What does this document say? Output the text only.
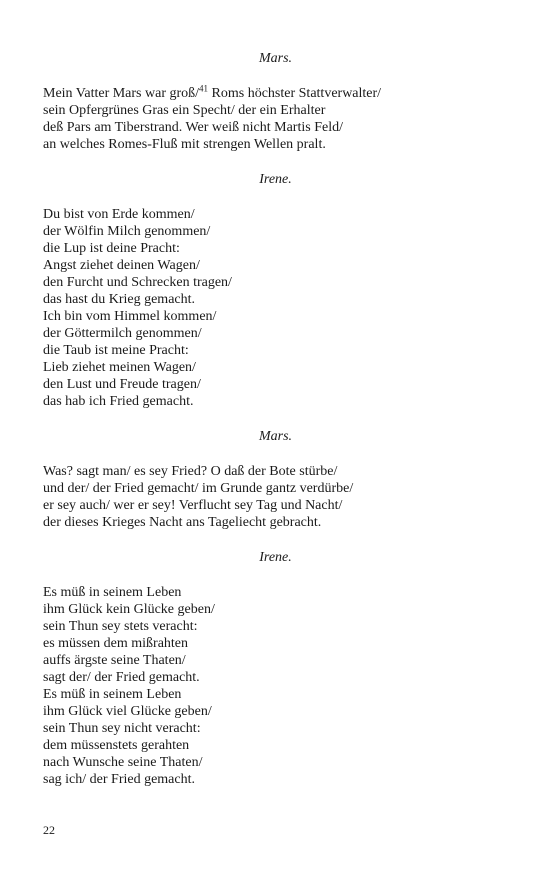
Mars.

Mein Vatter Mars war groß/$^{41}$ Roms höchster Stattverwalter/
sein Opfergrünes Gras ein Specht/ der ein Erhalter
deß Pars am Tiberstrand. Wer weiß nicht Martis Feld/
an welches Romes-Fluß mit strengen Wellen pralt.

Irene.

Du bist von Erde kommen/
der Wölfin Milch genommen/
die Lup ist deine Pracht:
Angst ziehet deinen Wagen/
den Furcht und Schrecken tragen/
das hast du Krieg gemacht.
Ich bin vom Himmel kommen/
der Göttermilch genommen/
die Taub ist meine Pracht:
Lieb ziehet meinen Wagen/
den Lust und Freude tragen/
das hab ich Fried gemacht.

Mars.

Was? sagt man/ es sey Fried? O daß der Bote stürbe/
und der/ der Fried gemacht/ im Grunde gantz verdürbe/
er sey auch/ wer er sey! Verflucht sey Tag und Nacht/
der dieses Krieges Nacht ans Tageliecht gebracht.

Irene.

Es müß in seinem Leben
ihm Glück kein Glücke geben/
sein Thun sey stets veracht:
es müssen dem mißrahten
auffs ärgste seine Thaten/
sagt der/ der Fried gemacht.
Es müß in seinem Leben
ihm Glück viel Glücke geben/
sein Thun sey nicht veracht:
dem müssenstets gerahten
nach Wunsche seine Thaten/
sag ich/ der Fried gemacht.
22
